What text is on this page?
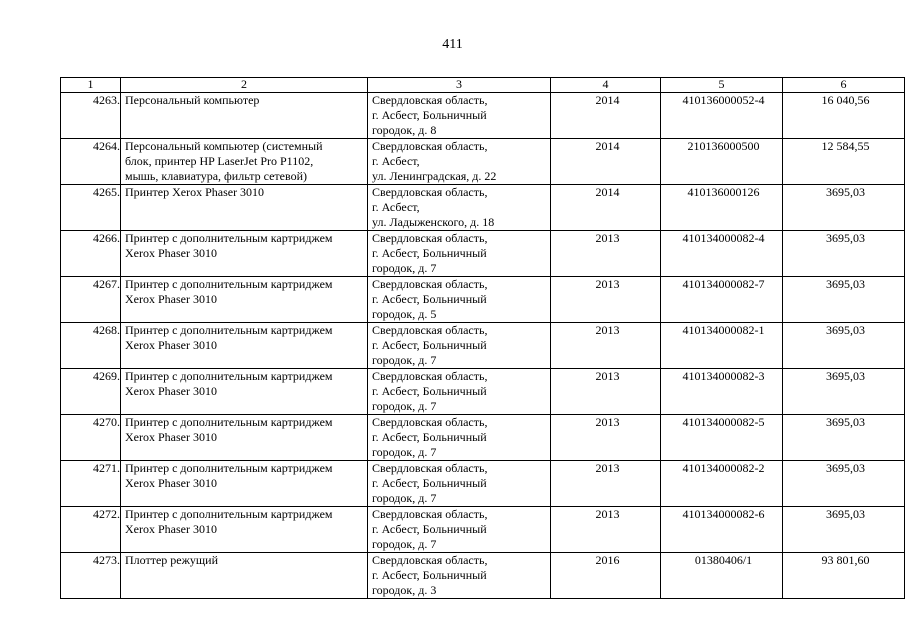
411
1	2	3	4	5	6
4263.	Персональный компьютер	Свердловская область,
г. Асбест, Больничный
городок, д. 8	2014	410136000052-4	16 040,56
4264.	Персональный компьютер (системный
блок, принтер HP LaserJet Pro P1102,
мышь, клавиатура, фильтр сетевой)	Свердловская область,
г. Асбест,
ул. Ленинградская, д. 22	2014	210136000500	12 584,55
4265.	Принтер Xerox Phaser 3010	Свердловская область,
г. Асбест,
ул. Ладыженского, д. 18	2014	410136000126	3695,03
4266.	Принтер с дополнительным картриджем
Xerox Phaser 3010	Свердловская область,
г. Асбест, Больничный
городок, д. 7	2013	410134000082-4	3695,03
4267.	Принтер с дополнительным картриджем
Xerox Phaser 3010	Свердловская область,
г. Асбест, Больничный
городок, д. 5	2013	410134000082-7	3695,03
4268.	Принтер с дополнительным картриджем
Xerox Phaser 3010	Свердловская область,
г. Асбест, Больничный
городок, д. 7	2013	410134000082-1	3695,03
4269.	Принтер с дополнительным картриджем
Xerox Phaser 3010	Свердловская область,
г. Асбест, Больничный
городок, д. 7	2013	410134000082-3	3695,03
4270.	Принтер с дополнительным картриджем
Xerox Phaser 3010	Свердловская область,
г. Асбест, Больничный
городок, д. 7	2013	410134000082-5	3695,03
4271.	Принтер с дополнительным картриджем
Xerox Phaser 3010	Свердловская область,
г. Асбест, Больничный
городок, д. 7	2013	410134000082-2	3695,03
4272.	Принтер с дополнительным картриджем
Xerox Phaser 3010	Свердловская область,
г. Асбест, Больничный
городок, д. 7	2013	410134000082-6	3695,03
4273.	Плоттер режущий	Свердловская область,
г. Асбест, Больничный
городок, д. 3	2016	01380406/1	93 801,60
